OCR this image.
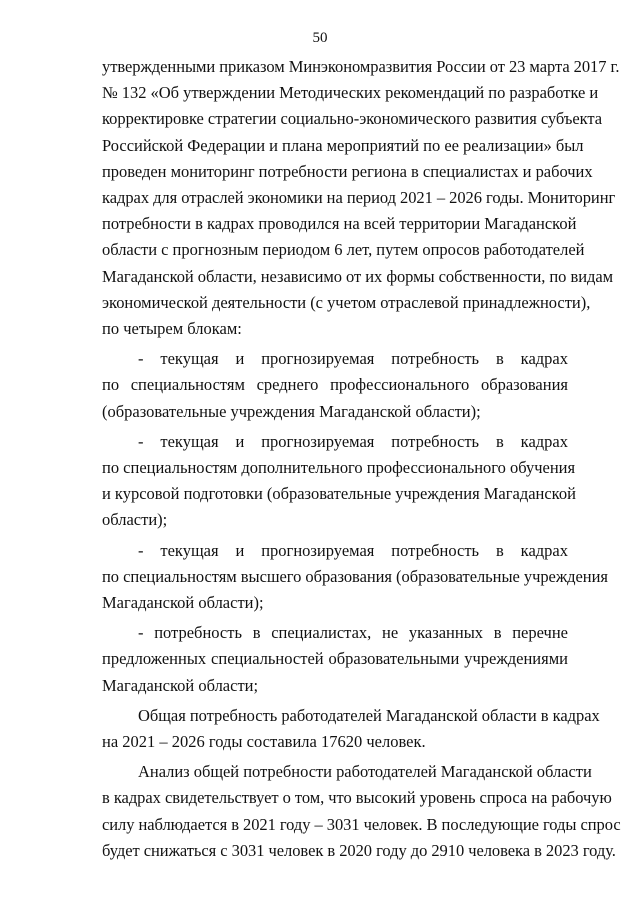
50
утвержденными приказом Минэкономразвития России от 23 марта 2017 г.
№ 132 «Об утверждении Методических рекомендаций по разработке и
корректировке стратегии социально-экономического развития субъекта
Российской Федерации и плана мероприятий по ее реализации» был
проведен мониторинг потребности региона в специалистах и рабочих
кадрах для отраслей экономики на период 2021 – 2026 годы. Мониторинг
потребности в кадрах проводился на всей территории Магаданской
области с прогнозным периодом 6 лет, путем опросов работодателей
Магаданской области, независимо от их формы собственности, по видам
экономической деятельности (с учетом отраслевой принадлежности),
по четырем блокам:
- текущая и прогнозируемая потребность в кадрах
по специальностям среднего профессионального образования
(образовательные учреждения Магаданской области);
- текущая и прогнозируемая потребность в кадрах
по специальностям дополнительного профессионального обучения
и курсовой подготовки (образовательные учреждения Магаданской
области);
- текущая и прогнозируемая потребность в кадрах
по специальностям высшего образования (образовательные учреждения
Магаданской области);
- потребность в специалистах, не указанных в перечне
предложенных специальностей образовательными учреждениями
Магаданской области;
Общая потребность работодателей Магаданской области в кадрах
на 2021 – 2026 годы составила 17620 человек.
Анализ общей потребности работодателей Магаданской области
в кадрах свидетельствует о том, что высокий уровень спроса на рабочую
силу наблюдается в 2021 году – 3031 человек. В последующие годы спрос
будет снижаться с 3031 человек в 2020 году до 2910 человека в 2023 году.
